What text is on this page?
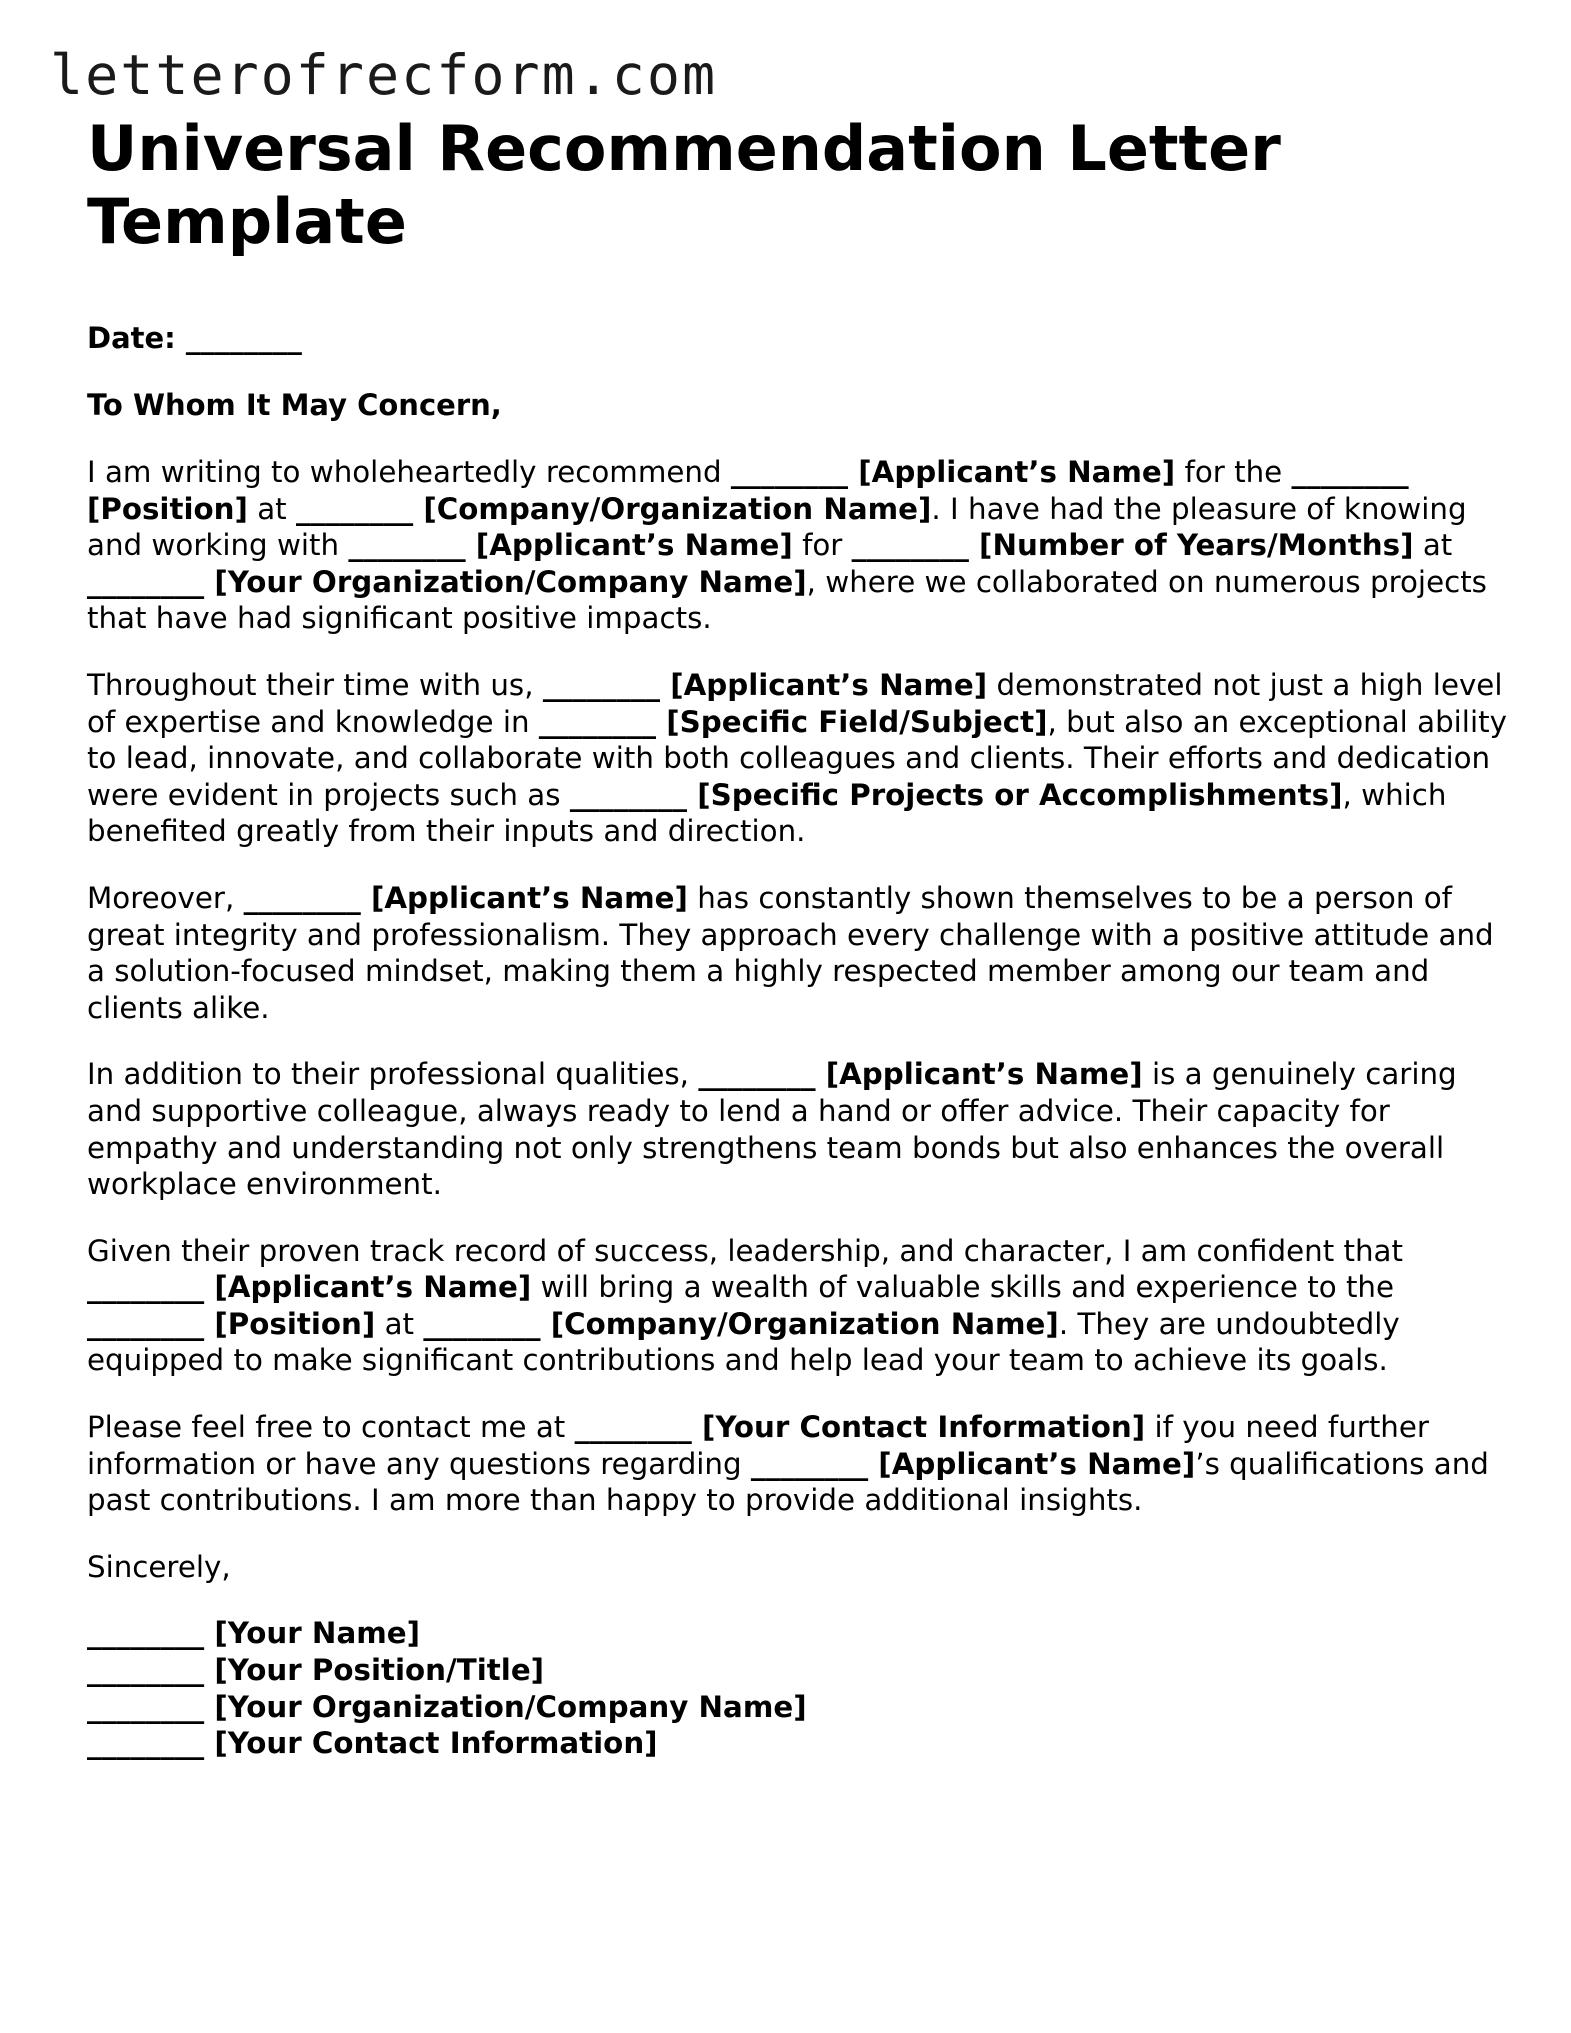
letterofrecform.com
Universal Recommendation Letter Template

Date: ________

To Whom It May Concern,

I am writing to wholeheartedly recommend ________ [Applicant’s Name] for the ________ [Position] at ________ [Company/Organization Name]. I have had the pleasure of knowing and working with ________ [Applicant’s Name] for ________ [Number of Years/Months] at ________ [Your Organization/Company Name], where we collaborated on numerous projects that have had significant positive impacts.

Throughout their time with us, ________ [Applicant’s Name] demonstrated not just a high level of expertise and knowledge in ________ [Specific Field/Subject], but also an exceptional ability to lead, innovate, and collaborate with both colleagues and clients. Their efforts and dedication were evident in projects such as ________ [Specific Projects or Accomplishments], which benefited greatly from their inputs and direction.

Moreover, ________ [Applicant’s Name] has constantly shown themselves to be a person of great integrity and professionalism. They approach every challenge with a positive attitude and a solution-focused mindset, making them a highly respected member among our team and clients alike.

In addition to their professional qualities, ________ [Applicant’s Name] is a genuinely caring and supportive colleague, always ready to lend a hand or offer advice. Their capacity for empathy and understanding not only strengthens team bonds but also enhances the overall workplace environment.

Given their proven track record of success, leadership, and character, I am confident that ________ [Applicant’s Name] will bring a wealth of valuable skills and experience to the ________ [Position] at ________ [Company/Organization Name]. They are undoubtedly equipped to make significant contributions and help lead your team to achieve its goals.

Please feel free to contact me at ________ [Your Contact Information] if you need further information or have any questions regarding ________ [Applicant’s Name]’s qualifications and past contributions. I am more than happy to provide additional insights.

Sincerely,

________ [Your Name]
________ [Your Position/Title]
________ [Your Organization/Company Name]
________ [Your Contact Information]
